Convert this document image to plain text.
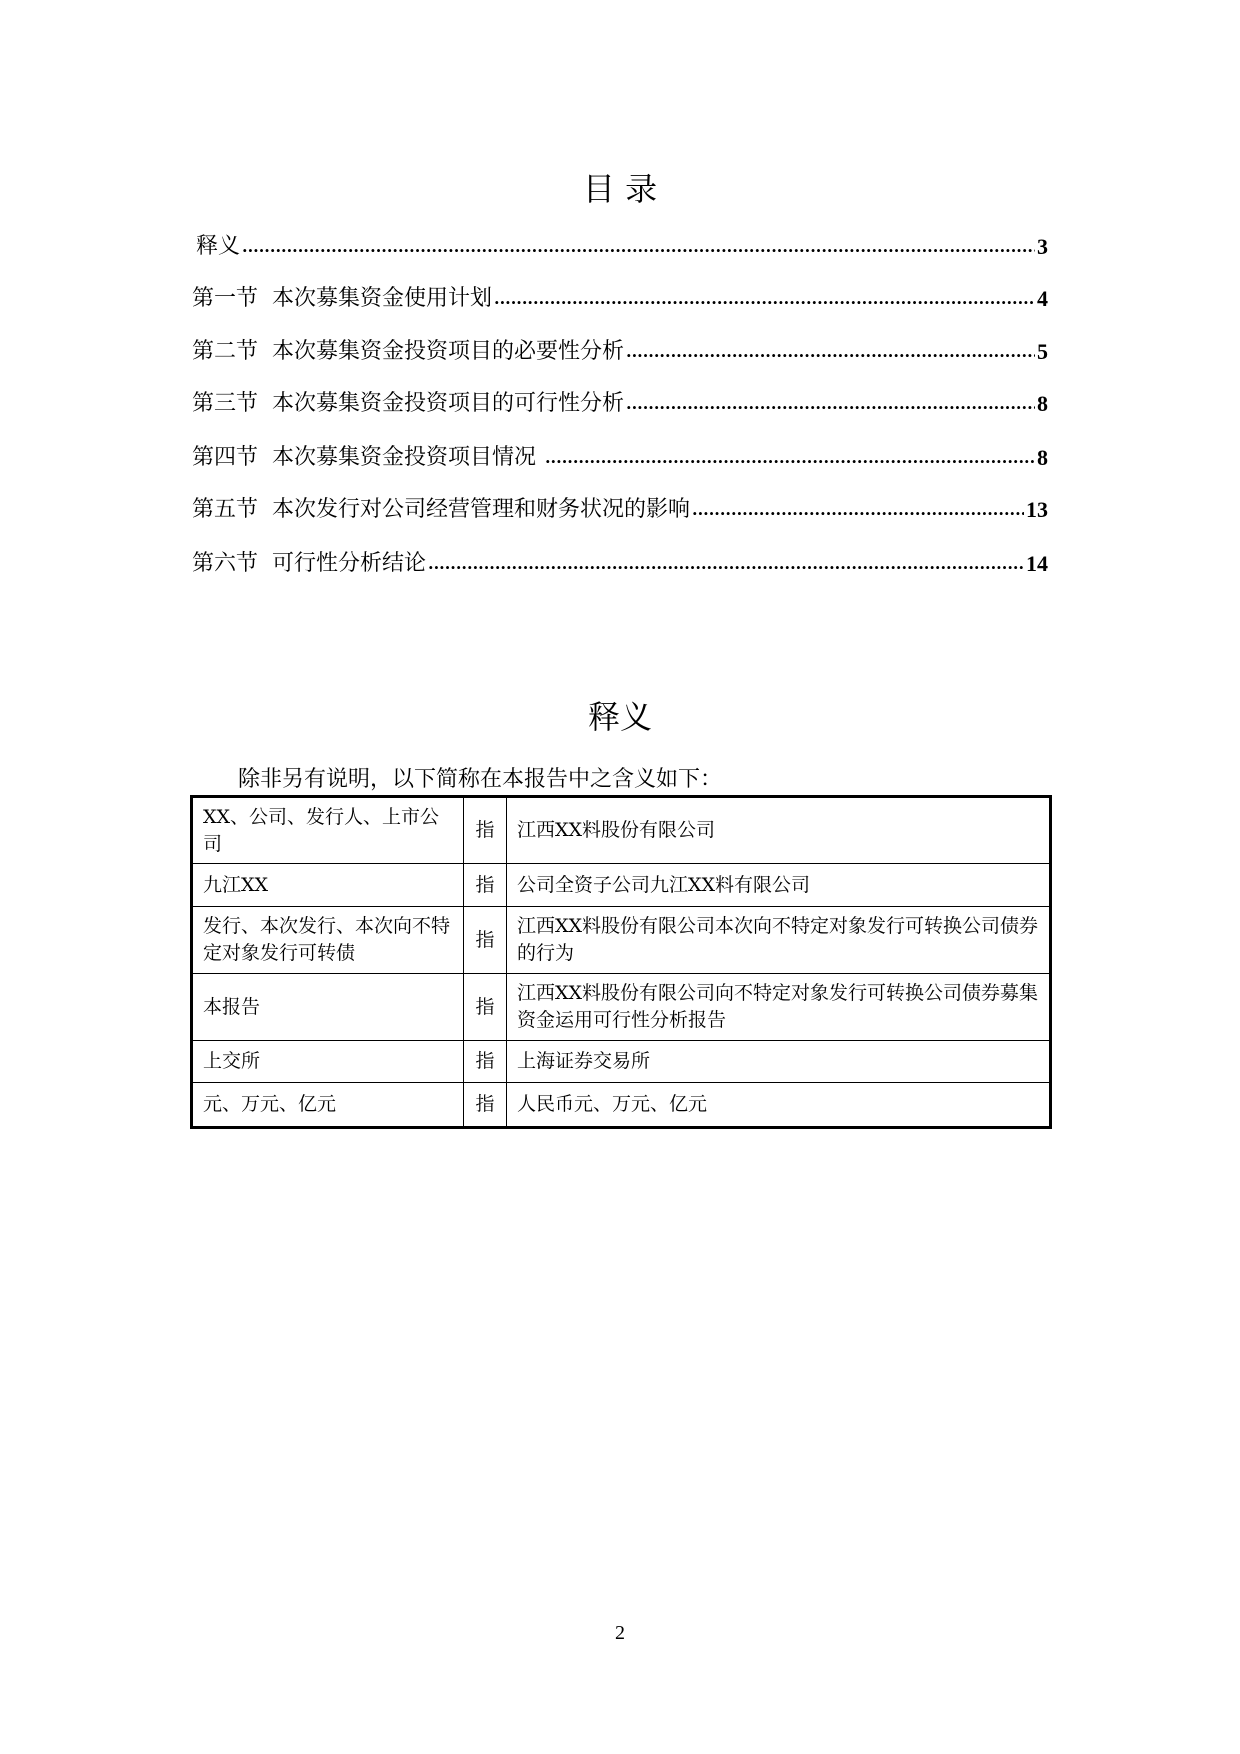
目 录
释义 .....	3
第一节  本次募集资金使用计划 .....	4
第二节  本次募集资金投资项目的必要性分析 .....	5
第三节  本次募集资金投资项目的可行性分析 .....	8
第四节  本次募集资金投资项目情况 .....	8
第五节  本次发行对公司经营管理和财务状况的影响 .....	13
第六节  可行性分析结论 .....	14
释义
除非另有说明，以下简称在本报告中之含义如下：
XX、公司、发行人、上市公司	指	江西XX料股份有限公司
九江XX	指	公司全资子公司九江XX料有限公司
发行、本次发行、本次向不特定对象发行可转债	指	江西XX料股份有限公司本次向不特定对象发行可转换公司债券的行为
本报告	指	江西XX料股份有限公司向不特定对象发行可转换公司债券募集资金运用可行性分析报告
上交所	指	上海证券交易所
元、万元、亿元	指	人民币元、万元、亿元
2
